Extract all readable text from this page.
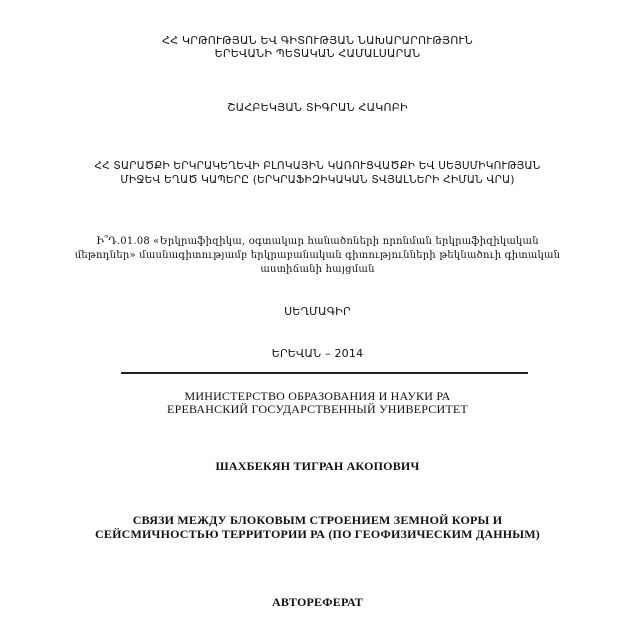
ՀՀ ԿՐԹՈՒԹՅԱՆ ԵՎ ԳԻՏՈՒԹՅԱՆ ՆԱԽԱՐԱՐՈՒԹՅՈՒՆ
ԵՐԵՎԱՆԻ ՊԵՏԱԿԱՆ ՀԱՄԱԼՍԱՐԱՆ
ՇԱՀԲԵԿՅԱՆ ՏԻԳՐԱՆ ՀԱԿՈԲԻ
ՀՀ ՏԱՐԱԾՔԻ ԵՐԿՐԱԿԵՂԵՎԻ ԲԼՈԿԱՅԻՆ ԿԱՌՈՒՑՎԱԾՔԻ ԵՎ ՍԵՅՍՄԻԿՈՒԹՅԱՆ
ՄԻՋԵՎ ԵՂԱԾ ԿԱՊԵՐԸ (ԵՐԿՐԱՖԻԶԻԿԱԿԱՆ ՏՎՅԱԼՆԵՐԻ ՀԻՄԱՆ ՎՐԱ)
Ի՞Դ.01.08 «Երկրաֆիզիկա, օգտակար հանածոների որոնման երկրաֆիզիկական
մեթոդներ» մասնագիտությամբ երկրաբանական գիտությունների թեկնածուի գիտական
աստիճանի հայցման
ՍԵՂՄԱԳԻՐ
ԵՐԵՎԱՆ – 2014
МИНИСТЕРСТВО ОБРАЗОВАНИЯ И НАУКИ РА
ЕРЕВАНСКИЙ ГОСУДАРСТВЕННЫЙ УНИВЕРСИТЕТ
ШАХБЕКЯН ТИГРАН АКОПОВИЧ
СВЯЗИ МЕЖДУ БЛОКОВЫМ СТРОЕНИЕМ ЗЕМНОЙ КОРЫ И
СЕЙСМИЧНОСТЬЮ ТЕРРИТОРИИ РА (ПО ГЕОФИЗИЧЕСКИМ ДАННЫМ)
АВТОРЕФЕРАТ
